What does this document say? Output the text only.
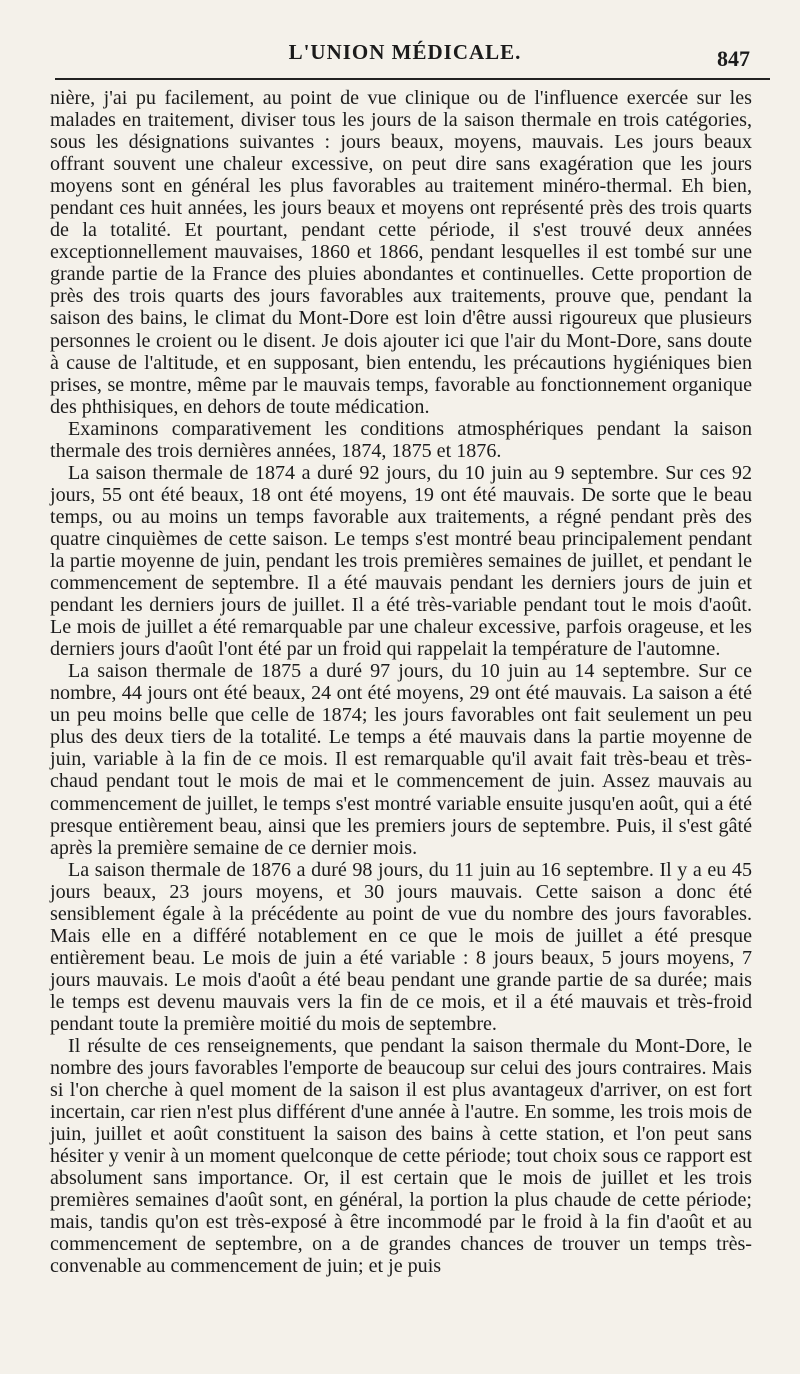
L'UNION MÉDICALE.	847

nière, j'ai pu facilement, au point de vue clinique ou de l'influence exercée sur les malades en traitement, diviser tous les jours de la saison thermale en trois catégories, sous les désignations suivantes : jours beaux, moyens, mauvais. Les jours beaux offrant souvent une chaleur excessive, on peut dire sans exagération que les jours moyens sont en général les plus favorables au traitement minéro-thermal. Eh bien, pendant ces huit années, les jours beaux et moyens ont représenté près des trois quarts de la totalité. Et pourtant, pendant cette période, il s'est trouvé deux années exceptionnellement mauvaises, 1860 et 1866, pendant lesquelles il est tombé sur une grande partie de la France des pluies abondantes et continuelles. Cette proportion de près des trois quarts des jours favorables aux traitements, prouve que, pendant la saison des bains, le climat du Mont-Dore est loin d'être aussi rigoureux que plusieurs personnes le croient ou le disent. Je dois ajouter ici que l'air du Mont-Dore, sans doute à cause de l'altitude, et en supposant, bien entendu, les précautions hygiéniques bien prises, se montre, même par le mauvais temps, favorable au fonctionnement organique des phthisiques, en dehors de toute médication.

Examinons comparativement les conditions atmosphériques pendant la saison thermale des trois dernières années, 1874, 1875 et 1876.

La saison thermale de 1874 a duré 92 jours, du 10 juin au 9 septembre. Sur ces 92 jours, 55 ont été beaux, 18 ont été moyens, 19 ont été mauvais. De sorte que le beau temps, ou au moins un temps favorable aux traitements, a régné pendant près des quatre cinquièmes de cette saison. Le temps s'est montré beau principalement pendant la partie moyenne de juin, pendant les trois premières semaines de juillet, et pendant le commencement de septembre. Il a été mauvais pendant les derniers jours de juin et pendant les derniers jours de juillet. Il a été très-variable pendant tout le mois d'août. Le mois de juillet a été remarquable par une chaleur excessive, parfois orageuse, et les derniers jours d'août l'ont été par un froid qui rappelait la température de l'automne.

La saison thermale de 1875 a duré 97 jours, du 10 juin au 14 septembre. Sur ce nombre, 44 jours ont été beaux, 24 ont été moyens, 29 ont été mauvais. La saison a été un peu moins belle que celle de 1874; les jours favorables ont fait seulement un peu plus des deux tiers de la totalité. Le temps a été mauvais dans la partie moyenne de juin, variable à la fin de ce mois. Il est remarquable qu'il avait fait très-beau et très-chaud pendant tout le mois de mai et le commencement de juin. Assez mauvais au commencement de juillet, le temps s'est montré variable ensuite jusqu'en août, qui a été presque entièrement beau, ainsi que les premiers jours de septembre. Puis, il s'est gâté après la première semaine de ce dernier mois.

La saison thermale de 1876 a duré 98 jours, du 11 juin au 16 septembre. Il y a eu 45 jours beaux, 23 jours moyens, et 30 jours mauvais. Cette saison a donc été sensiblement égale à la précédente au point de vue du nombre des jours favorables. Mais elle en a différé notablement en ce que le mois de juillet a été presque entièrement beau. Le mois de juin a été variable : 8 jours beaux, 5 jours moyens, 7 jours mauvais. Le mois d'août a été beau pendant une grande partie de sa durée; mais le temps est devenu mauvais vers la fin de ce mois, et il a été mauvais et très-froid pendant toute la première moitié du mois de septembre.

Il résulte de ces renseignements, que pendant la saison thermale du Mont-Dore, le nombre des jours favorables l'emporte de beaucoup sur celui des jours contraires. Mais si l'on cherche à quel moment de la saison il est plus avantageux d'arriver, on est fort incertain, car rien n'est plus différent d'une année à l'autre. En somme, les trois mois de juin, juillet et août constituent la saison des bains à cette station, et l'on peut sans hésiter y venir à un moment quelconque de cette période; tout choix sous ce rapport est absolument sans importance. Or, il est certain que le mois de juillet et les trois premières semaines d'août sont, en général, la portion la plus chaude de cette période; mais, tandis qu'on est très-exposé à être incommodé par le froid à la fin d'août et au commencement de septembre, on a de grandes chances de trouver un temps très-convenable au commencement de juin; et je puis
